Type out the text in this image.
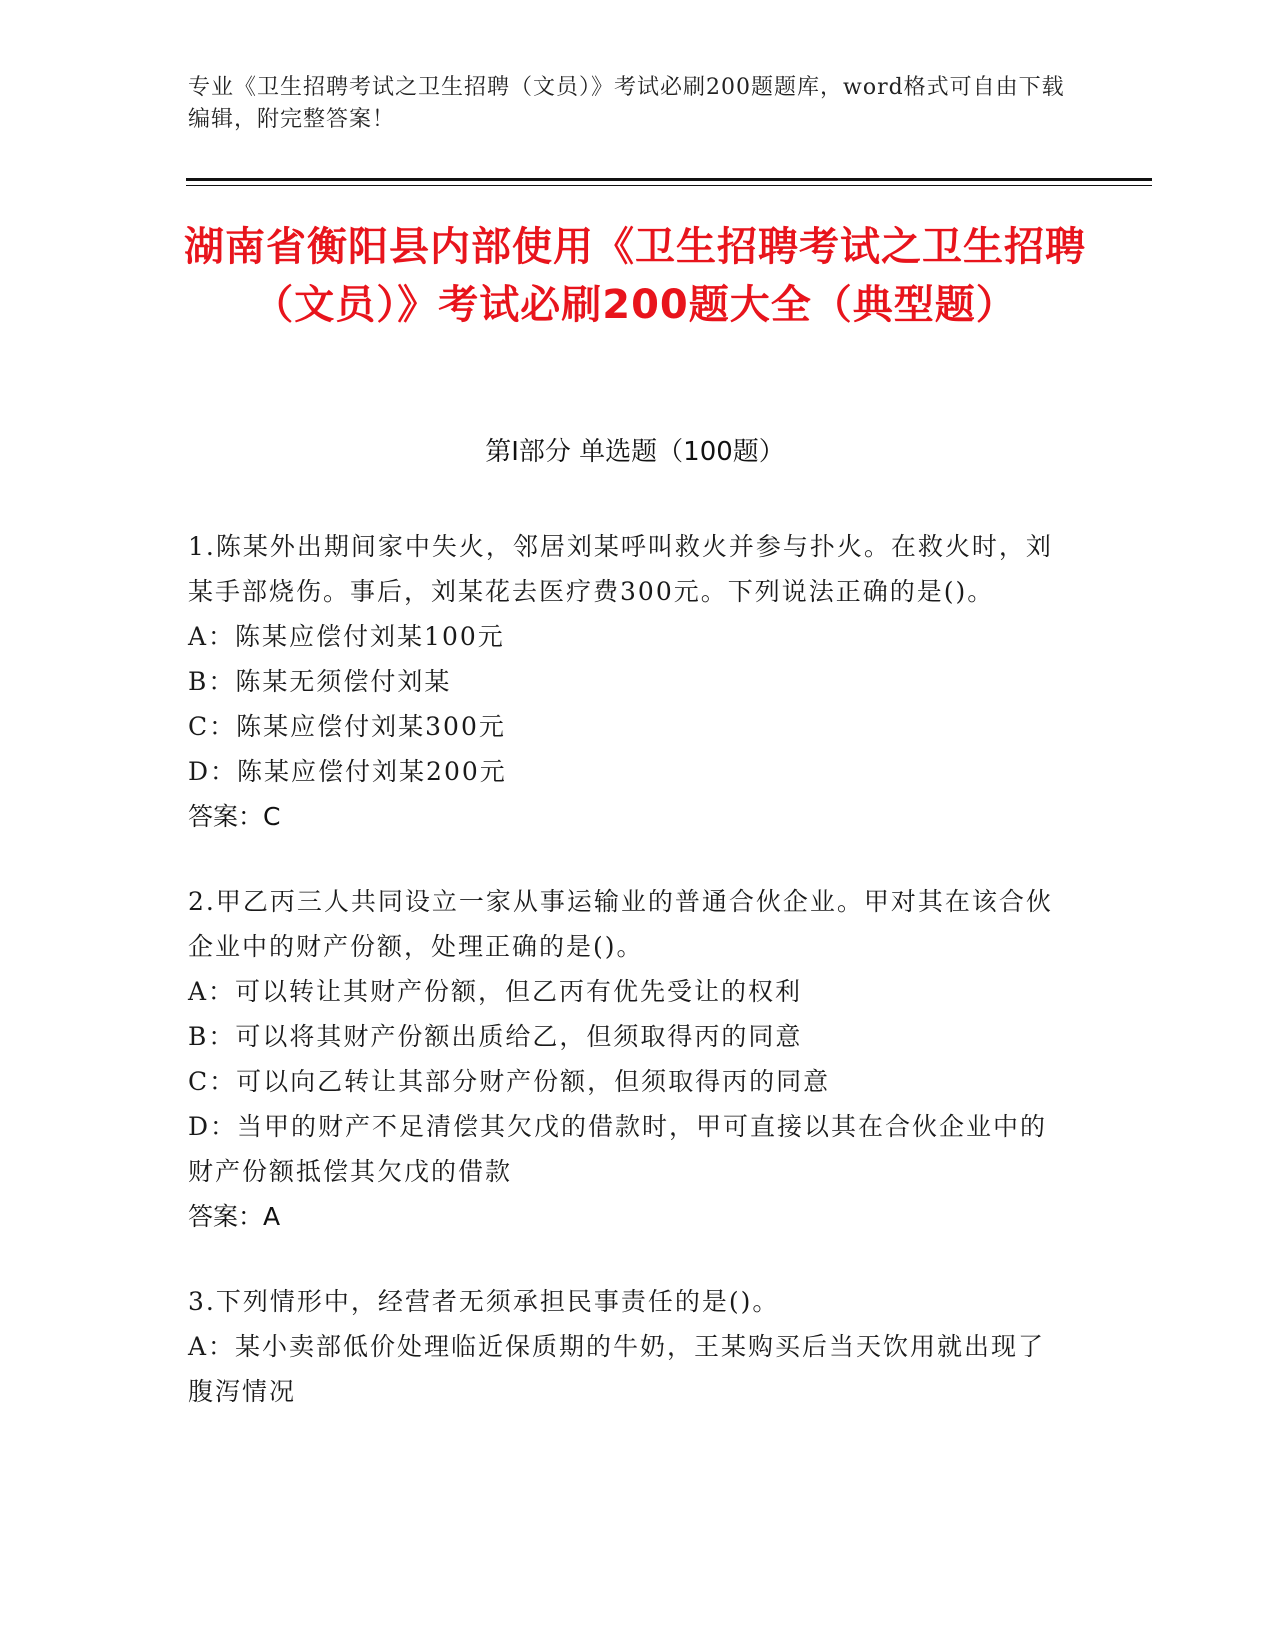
专业《卫生招聘考试之卫生招聘（文员）》考试必刷200题题库，word格式可自由下载编辑，附完整答案！
湖南省衡阳县内部使用《卫生招聘考试之卫生招聘（文员）》考试必刷200题大全（典型题）
第I部分 单选题（100题）
1.陈某外出期间家中失火，邻居刘某呼叫救火并参与扑火。在救火时，刘某手部烧伤。事后，刘某花去医疗费300元。下列说法正确的是()。
A：陈某应偿付刘某100元
B：陈某无须偿付刘某
C：陈某应偿付刘某300元
D：陈某应偿付刘某200元
答案：C
2.甲乙丙三人共同设立一家从事运输业的普通合伙企业。甲对其在该合伙企业中的财产份额，处理正确的是()。
A：可以转让其财产份额，但乙丙有优先受让的权利
B：可以将其财产份额出质给乙，但须取得丙的同意
C：可以向乙转让其部分财产份额，但须取得丙的同意
D：当甲的财产不足清偿其欠戊的借款时，甲可直接以其在合伙企业中的财产份额抵偿其欠戊的借款
答案：A
3.下列情形中，经营者无须承担民事责任的是()。
A：某小卖部低价处理临近保质期的牛奶，王某购买后当天饮用就出现了腹泻情况
